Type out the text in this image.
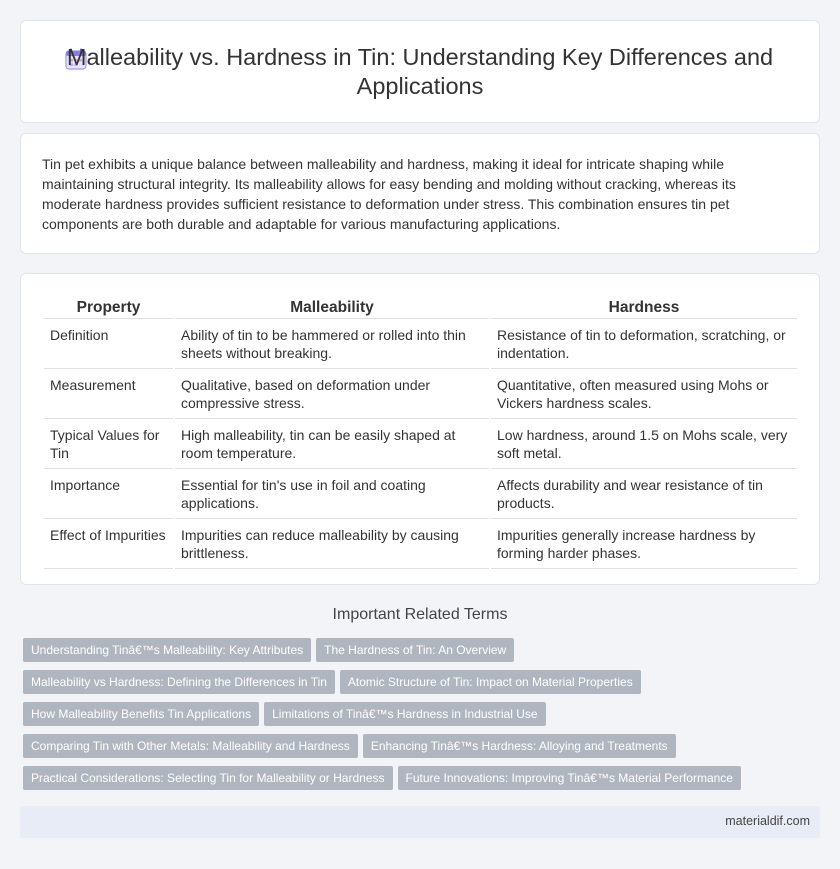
Malleability vs. Hardness in Tin: Understanding Key Differences and Applications

Tin pet exhibits a unique balance between malleability and hardness, making it ideal for intricate shaping while maintaining structural integrity. Its malleability allows for easy bending and molding without cracking, whereas its moderate hardness provides sufficient resistance to deformation under stress. This combination ensures tin pet components are both durable and adaptable for various manufacturing applications.

Property	Malleability	Hardness
Definition	Ability of tin to be hammered or rolled into thin sheets without breaking.	Resistance of tin to deformation, scratching, or indentation.
Measurement	Qualitative, based on deformation under compressive stress.	Quantitative, often measured using Mohs or Vickers hardness scales.
Typical Values for Tin	High malleability, tin can be easily shaped at room temperature.	Low hardness, around 1.5 on Mohs scale, very soft metal.
Importance	Essential for tin's use in foil and coating applications.	Affects durability and wear resistance of tin products.
Effect of Impurities	Impurities can reduce malleability by causing brittleness.	Impurities generally increase hardness by forming harder phases.
Important Related Terms
Understanding Tinâ€™s Malleability: Key Attributes The Hardness of Tin: An Overview
Malleability vs Hardness: Defining the Differences in Tin Atomic Structure of Tin: Impact on Material Properties
How Malleability Benefits Tin Applications Limitations of Tinâ€™s Hardness in Industrial Use
Comparing Tin with Other Metals: Malleability and Hardness Enhancing Tinâ€™s Hardness: Alloying and Treatments
Practical Considerations: Selecting Tin for Malleability or Hardness Future Innovations: Improving Tinâ€™s Material Performance
materialdif.com
